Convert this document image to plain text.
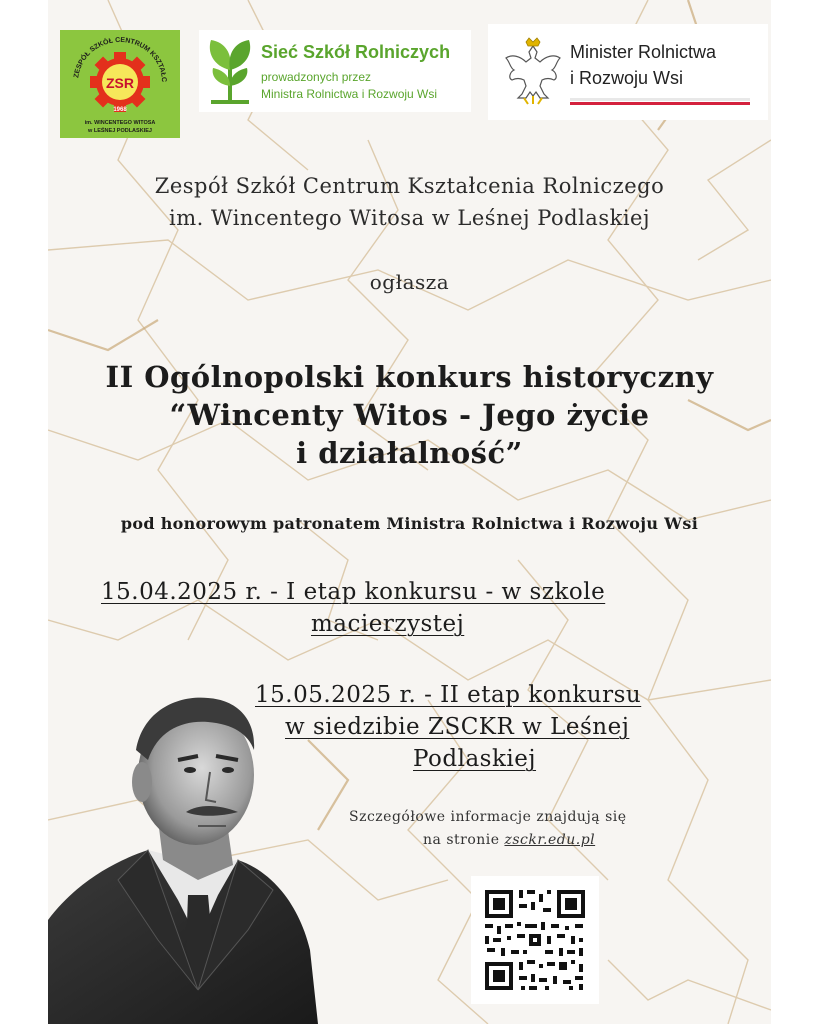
ZESPÓŁ SZKÓŁ CENTRUM KSZTAŁC
ZSR
1968
im. WINCENTEGO WITOSA
w LEŚNEJ PODLASKIEJ
Sieć Szkół Rolniczych
prowadzonych przez
Ministra Rolnictwa i Rozwoju Wsi
Minister Rolnictwa
i Rozwoju Wsi
Zespół Szkół Centrum Kształcenia Rolniczego
im. Wincentego Witosa w Leśnej Podlaskiej
ogłasza
II Ogólnopolski konkurs historyczny
“Wincenty Witos - Jego życie
i działalność”
pod honorowym patronatem Ministra Rolnictwa i Rozwoju Wsi
15.04.2025 r. - I etap konkursu - w szkole
macierzystej
15.05.2025 r. - II etap konkursu
w siedzibie ZSCKR w Leśnej
Podlaskiej
Szczegółowe informacje znajdują się
na stronie zsckr.edu.pl
